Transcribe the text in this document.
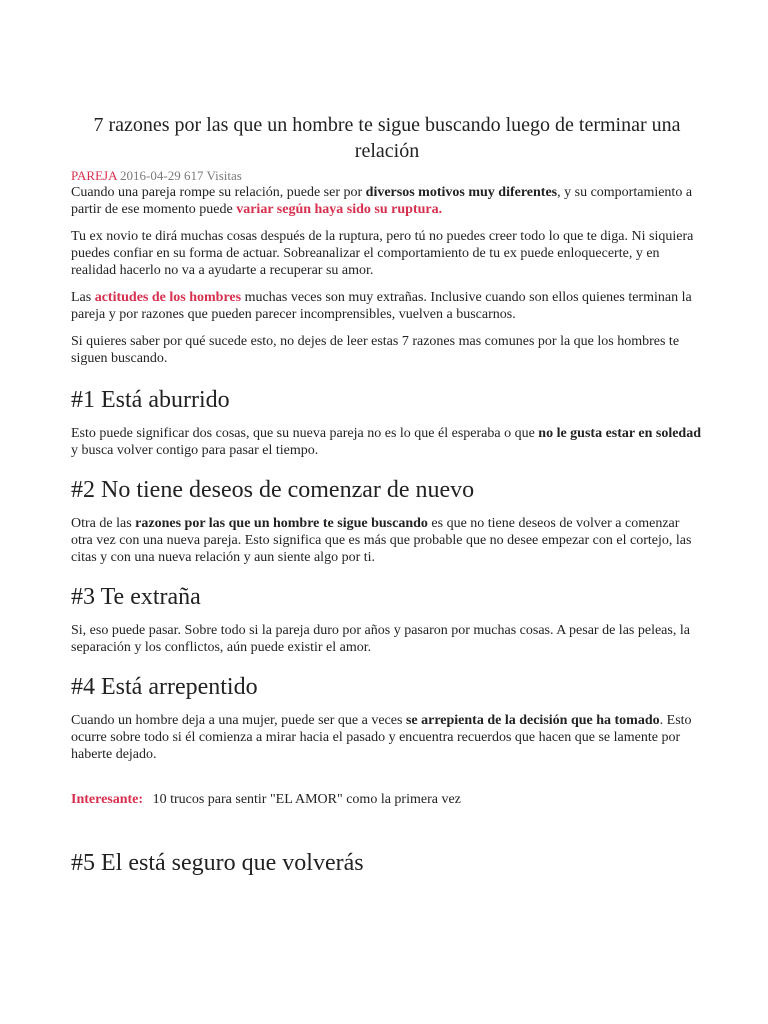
7 razones por las que un hombre te sigue buscando luego de terminar una relación
PAREJA 2016-04-29 617 Visitas

Cuando una pareja rompe su relación, puede ser por diversos motivos muy diferentes, y su comportamiento a partir de ese momento puede variar según haya sido su ruptura.

Tu ex novio te dirá muchas cosas después de la ruptura, pero tú no puedes creer todo lo que te diga. Ni siquiera puedes confiar en su forma de actuar. Sobreanalizar el comportamiento de tu ex puede enloquecerte, y en realidad hacerlo no va a ayudarte a recuperar su amor.

Las actitudes de los hombres muchas veces son muy extrañas. Inclusive cuando son ellos quienes terminan la pareja y por razones que pueden parecer incomprensibles, vuelven a buscarnos.

Si quieres saber por qué sucede esto, no dejes de leer estas 7 razones mas comunes por la que los hombres te siguen buscando.

#1 Está aburrido

Esto puede significar dos cosas, que su nueva pareja no es lo que él esperaba o que no le gusta estar en soledad y busca volver contigo para pasar el tiempo.

#2 No tiene deseos de comenzar de nuevo

Otra de las razones por las que un hombre te sigue buscando es que no tiene deseos de volver a comenzar otra vez con una nueva pareja. Esto significa que es más que probable que no desee empezar con el cortejo, las citas y con una nueva relación y aun siente algo por ti.

#3 Te extraña

Si, eso puede pasar. Sobre todo si la pareja duro por años y pasaron por muchas cosas. A pesar de las peleas, la separación y los conflictos, aún puede existir el amor.

#4 Está arrepentido

Cuando un hombre deja a una mujer, puede ser que a veces se arrepienta de la decisión que ha tomado. Esto ocurre sobre todo si él comienza a mirar hacia el pasado y encuentra recuerdos que hacen que se lamente por haberte dejado.

Interesante: 10 trucos para sentir "EL AMOR" como la primera vez
#5 El está seguro que volverás
